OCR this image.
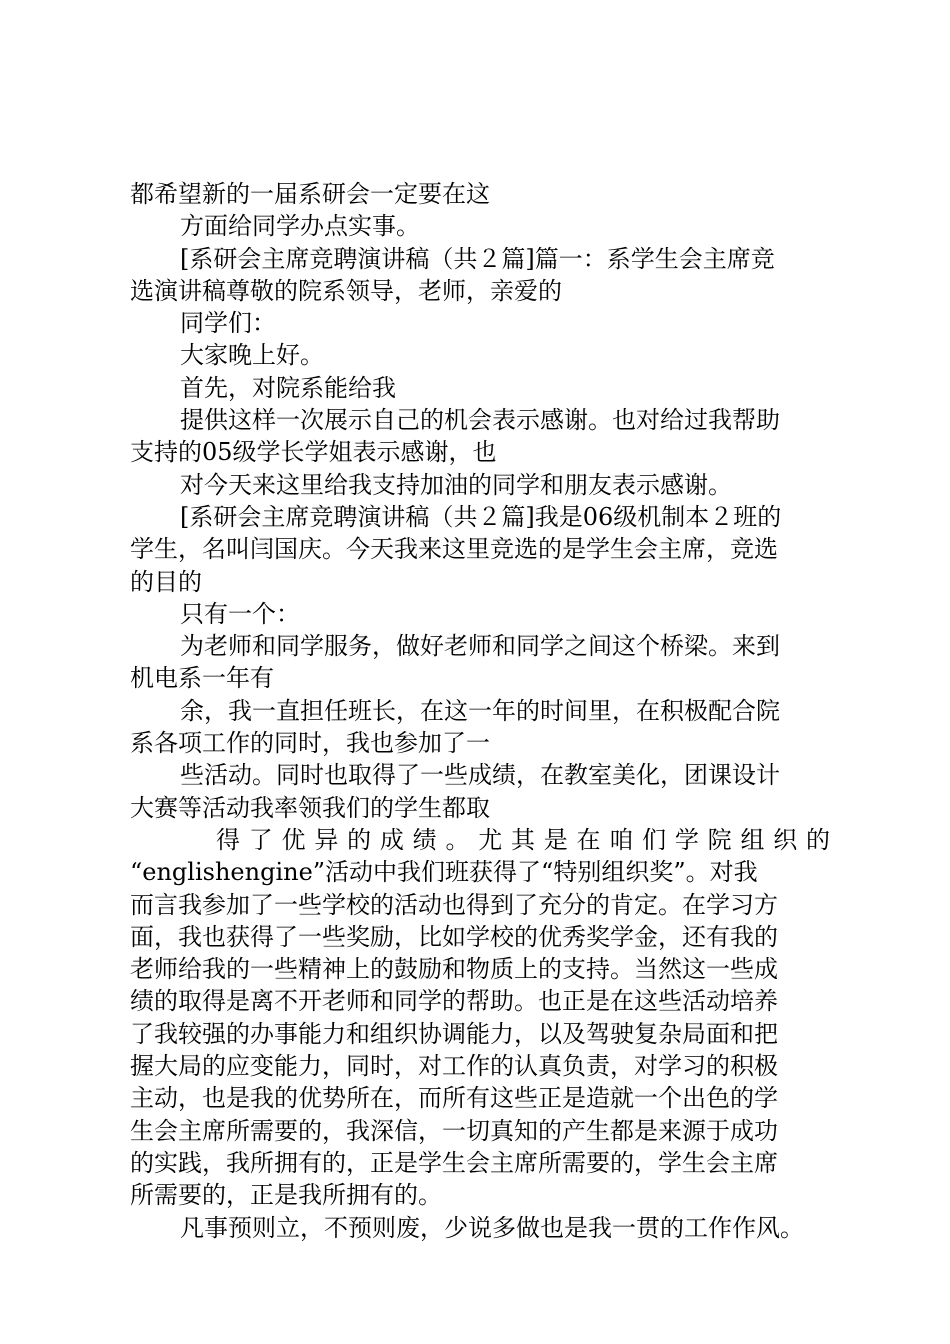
都希望新的一届系研会一定要在这
方面给同学办点实事。
[系研会主席竞聘演讲稿（共２篇]篇一：系学生会主席竞
选演讲稿尊敬的院系领导，老师，亲爱的
同学们：
大家晚上好。
首先，对院系能给我
提供这样一次展示自己的机会表示感谢。也对给过我帮助
支持的05级学长学姐表示感谢，也
对今天来这里给我支持加油的同学和朋友表示感谢。
[系研会主席竞聘演讲稿（共２篇]我是06级机制本２班的
学生，名叫闫国庆。今天我来这里竞选的是学生会主席，竞选
的目的
只有一个：
为老师和同学服务，做好老师和同学之间这个桥梁。来到
机电系一年有
余，我一直担任班长，在这一年的时间里，在积极配合院
系各项工作的同时，我也参加了一
些活动。同时也取得了一些成绩，在教室美化，团课设计
大赛等活动我率领我们的学生都取
得了优异的成绩。尤其是在咱们学院组织的
“englishengine”活动中我们班获得了“特别组织奖”。对我
而言我参加了一些学校的活动也得到了充分的肯定。在学习方
面，我也获得了一些奖励，比如学校的优秀奖学金，还有我的
老师给我的一些精神上的鼓励和物质上的支持。当然这一些成
绩的取得是离不开老师和同学的帮助。也正是在这些活动培养
了我较强的办事能力和组织协调能力，以及驾驶复杂局面和把
握大局的应变能力，同时，对工作的认真负责，对学习的积极
主动，也是我的优势所在，而所有这些正是造就一个出色的学
生会主席所需要的，我深信，一切真知的产生都是来源于成功
的实践，我所拥有的，正是学生会主席所需要的，学生会主席
所需要的，正是我所拥有的。
凡事预则立，不预则废，少说多做也是我一贯的工作作风。
